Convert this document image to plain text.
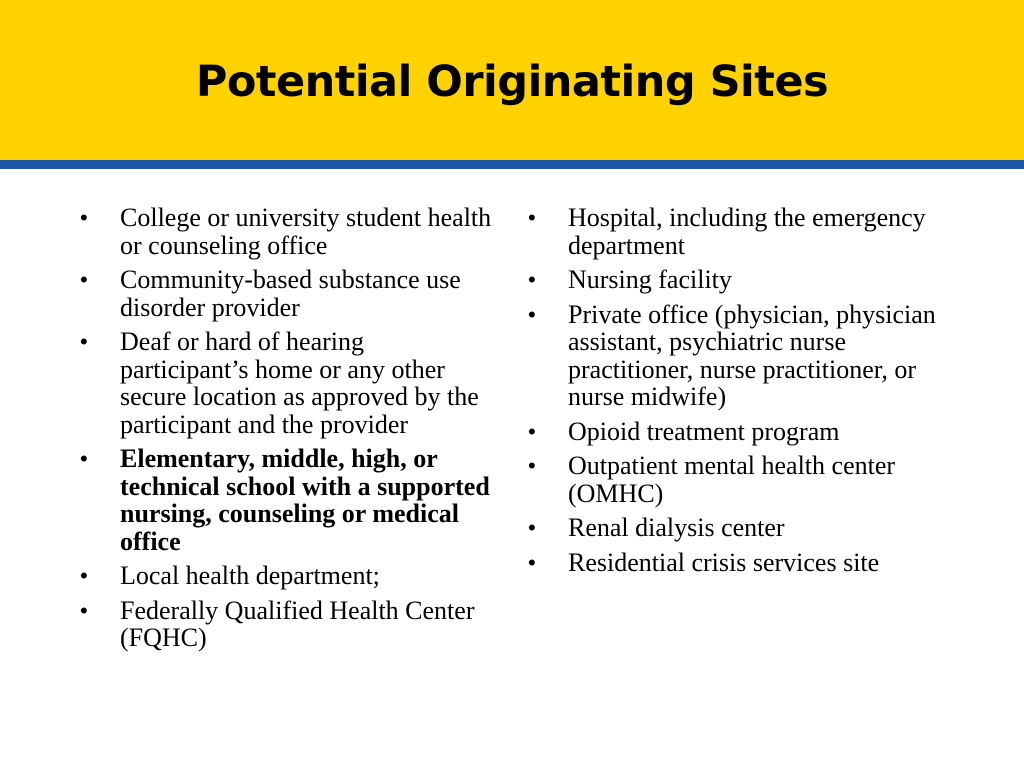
Potential Originating Sites
• College or university student health or counseling office
• Community-based substance use disorder provider
• Deaf or hard of hearing participant’s home or any other secure location as approved by the participant and the provider
• Elementary, middle, high, or technical school with a supported nursing, counseling or medical office
• Local health department;
• Federally Qualified Health Center (FQHC)
• Hospital, including the emergency department
• Nursing facility
• Private office (physician, physician assistant, psychiatric nurse practitioner, nurse practitioner, or nurse midwife)
• Opioid treatment program
• Outpatient mental health center (OMHC)
• Renal dialysis center
• Residential crisis services site
